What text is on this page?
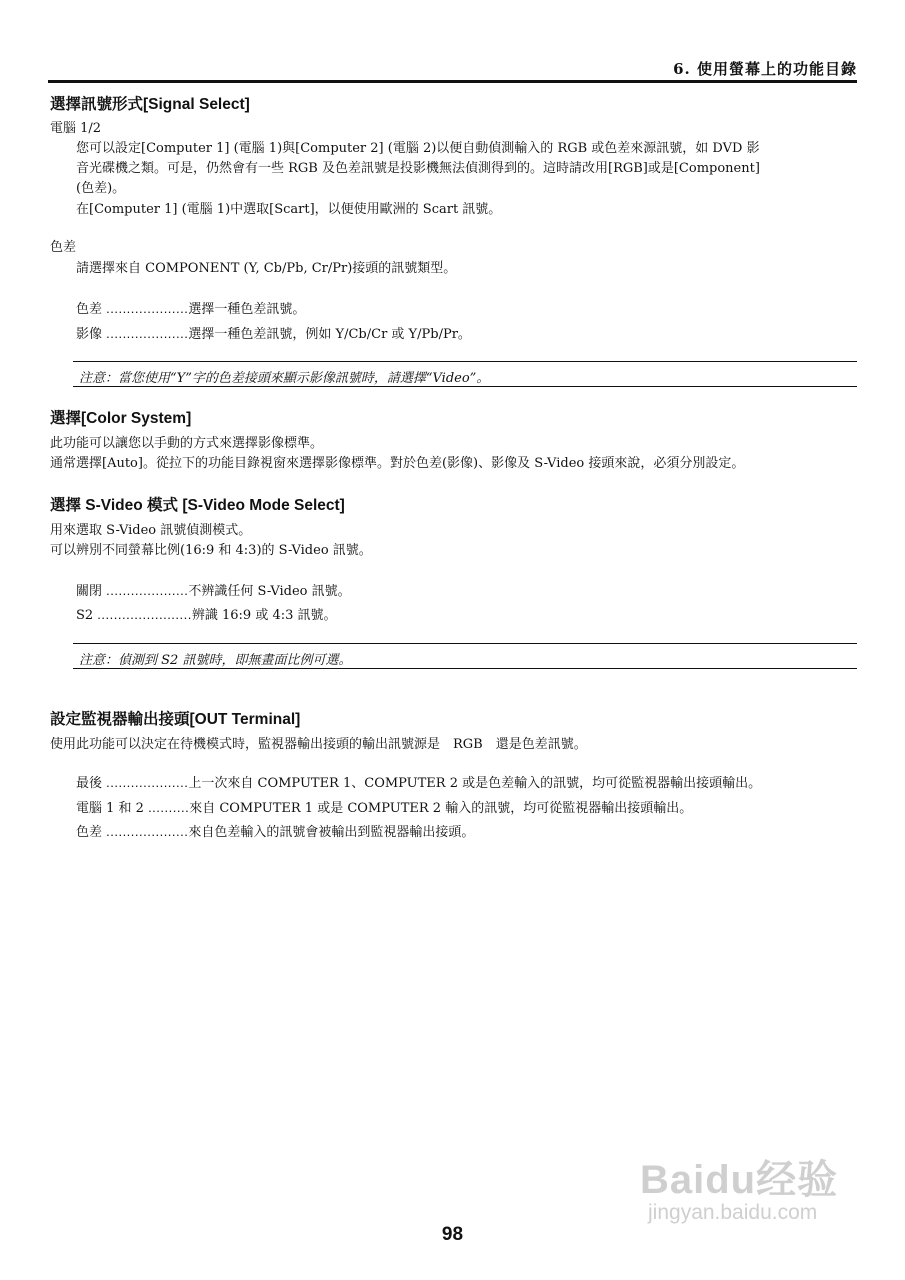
6. 使用螢幕上的功能目錄
選擇訊號形式[Signal Select]
電腦 1/2
您可以設定[Computer 1] (電腦 1)與[Computer 2] (電腦 2)以便自動偵測輸入的 RGB 或色差來源訊號，如 DVD 影
音光碟機之類。可是，仍然會有一些 RGB 及色差訊號是投影機無法偵測得到的。這時請改用[RGB]或是[Component]
(色差)。
在[Computer 1] (電腦 1)中選取[Scart]，以便使用歐洲的 Scart 訊號。
色差
請選擇來自 COMPONENT (Y, Cb/Pb, Cr/Pr)接頭的訊號類型。
色差 ....................選擇一種色差訊號。
影像 ....................選擇一種色差訊號，例如 Y/Cb/Cr 或 Y/Pb/Pr。
注意：當您使用“Y”字的色差接頭來顯示影像訊號時，請選擇“Video”。
選擇[Color System]
此功能可以讓您以手動的方式來選擇影像標準。
通常選擇[Auto]。從拉下的功能目錄視窗來選擇影像標準。對於色差(影像)、影像及 S-Video 接頭來說，必須分別設定。
選擇 S-Video 模式 [S-Video Mode Select]
用來選取 S-Video 訊號偵測模式。
可以辨別不同螢幕比例(16:9 和 4:3)的 S-Video 訊號。
關閉 ....................不辨識任何 S-Video 訊號。
S2 .......................辨識 16:9 或 4:3 訊號。
注意：偵測到 S2 訊號時，即無畫面比例可選。
設定監視器輸出接頭[OUT Terminal]
使用此功能可以決定在待機模式時，監視器輸出接頭的輸出訊號源是　RGB　還是色差訊號。
最後 ....................上一次來自 COMPUTER 1、COMPUTER 2 或是色差輸入的訊號，均可從監視器輸出接頭輸出。
電腦 1 和 2 ..........來自 COMPUTER 1 或是 COMPUTER 2 輸入的訊號，均可從監視器輸出接頭輸出。
色差 ....................來自色差輸入的訊號會被輸出到監視器輸出接頭。
Baidu经验
jingyan.baidu.com
98
